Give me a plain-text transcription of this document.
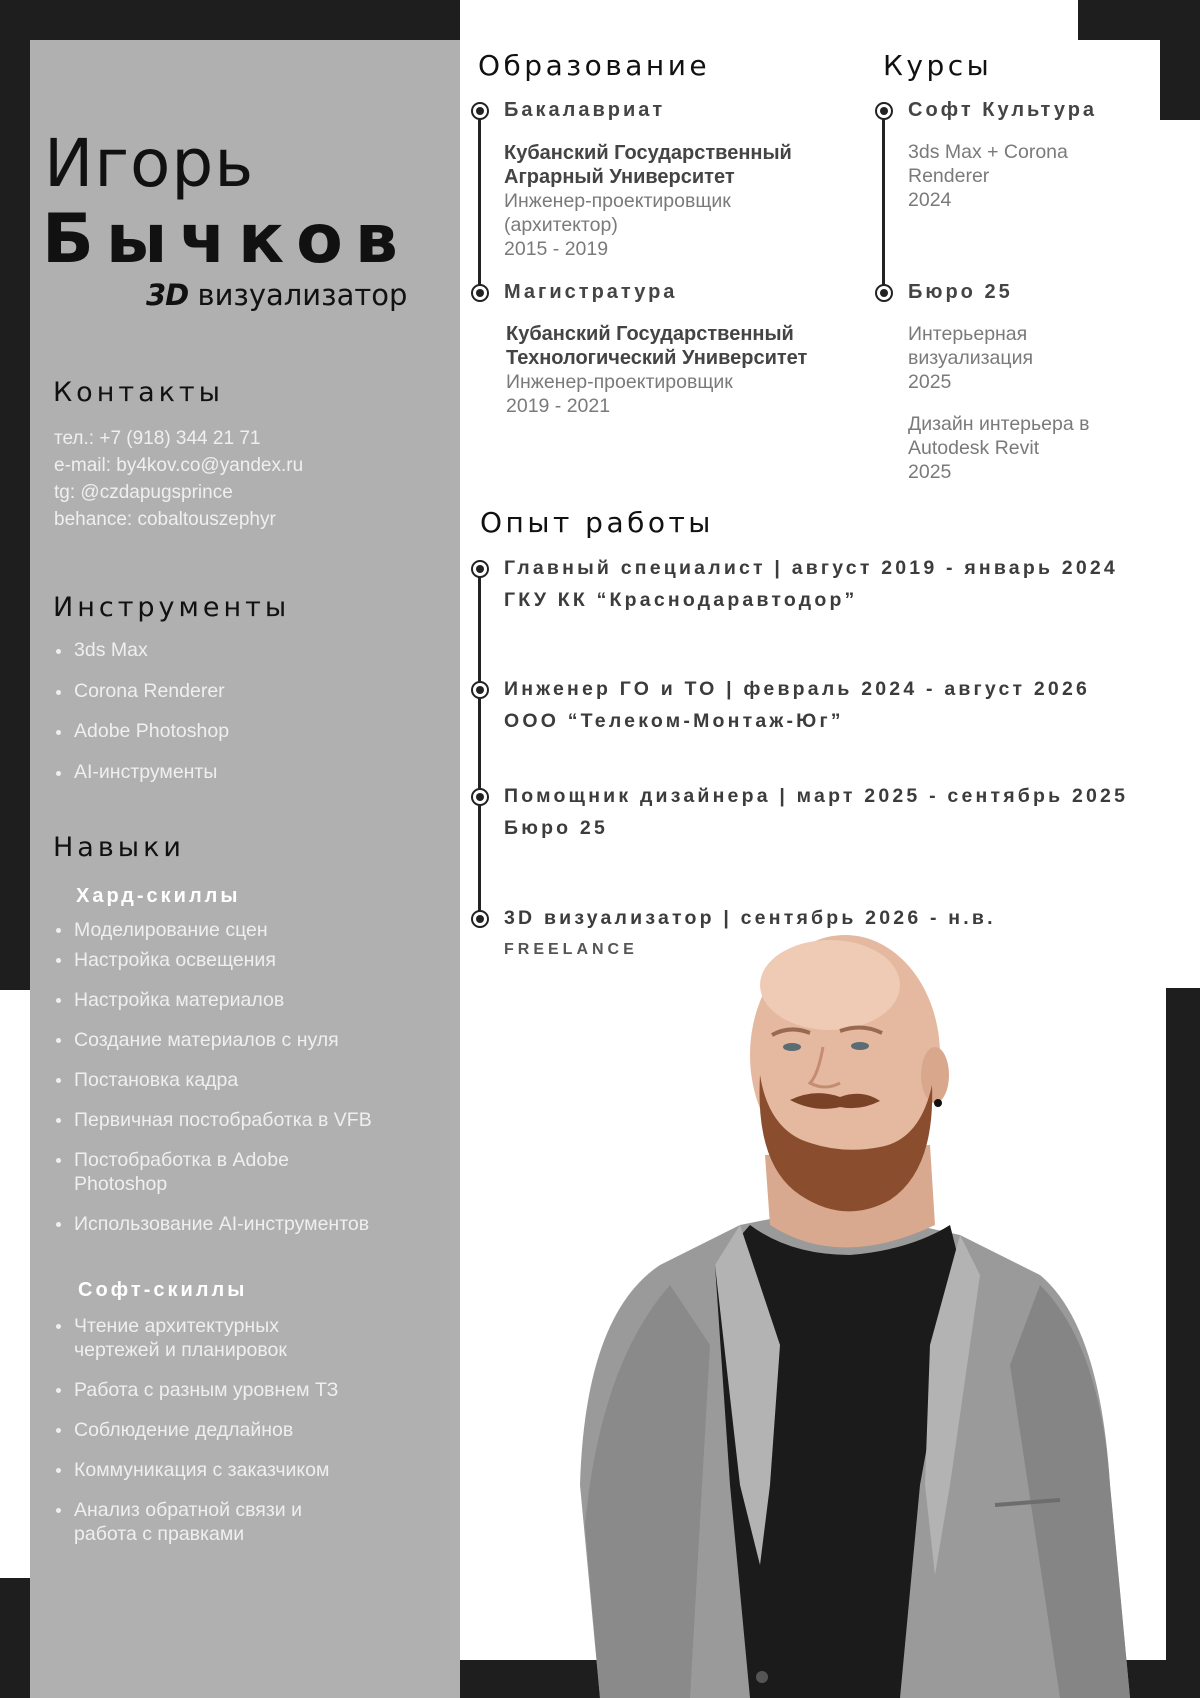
Игорь
Бычков
3D визуализатор
Контакты
тел.: +7 (918) 344 21 71
e-mail: by4kov.co@yandex.ru
tg: @czdapugsprince
behance: cobaltouszephyr
Инструменты
3ds Max
Corona Renderer
Adobe Photoshop
AI-инструменты
Навыки
Хард-скиллы
Моделирование сцен
Настройка освещения
Настройка материалов
Создание материалов с нуля
Постановка кадра
Первичная постобработка в VFB
Постобработка в Adobe Photoshop
Использование AI-инструментов
Софт-скиллы
Чтение архитектурных чертежей и планировок
Работа с разным уровнем ТЗ
Соблюдение дедлайнов
Коммуникация с заказчиком
Анализ обратной связи и работа с правками
Образование
Бакалавриат
Кубанский Государственный
Аграрный Университет
Инженер-проектировщик
(архитектор)
2015 - 2019
Магистратура
Кубанский Государственный
Технологический Университет
Инженер-проектировщик
2019 - 2021
Курсы
Софт Культура
3ds Max + Corona
Renderer
2024
Бюро 25
Интерьерная
визуализация
2025
Дизайн интерьера в
Autodesk Revit
2025
Опыт работы
Главный специалист | август 2019 - январь 2024
ГКУ КК “Краснодаравтодор”
Инженер ГО и ТО | февраль 2024 - август 2026
ООО “Телеком-Монтаж-Юг”
Помощник дизайнера | март 2025 - сентябрь 2025
Бюро 25
3D визуализатор | сентябрь 2026 - н.в.
FREELANCE
